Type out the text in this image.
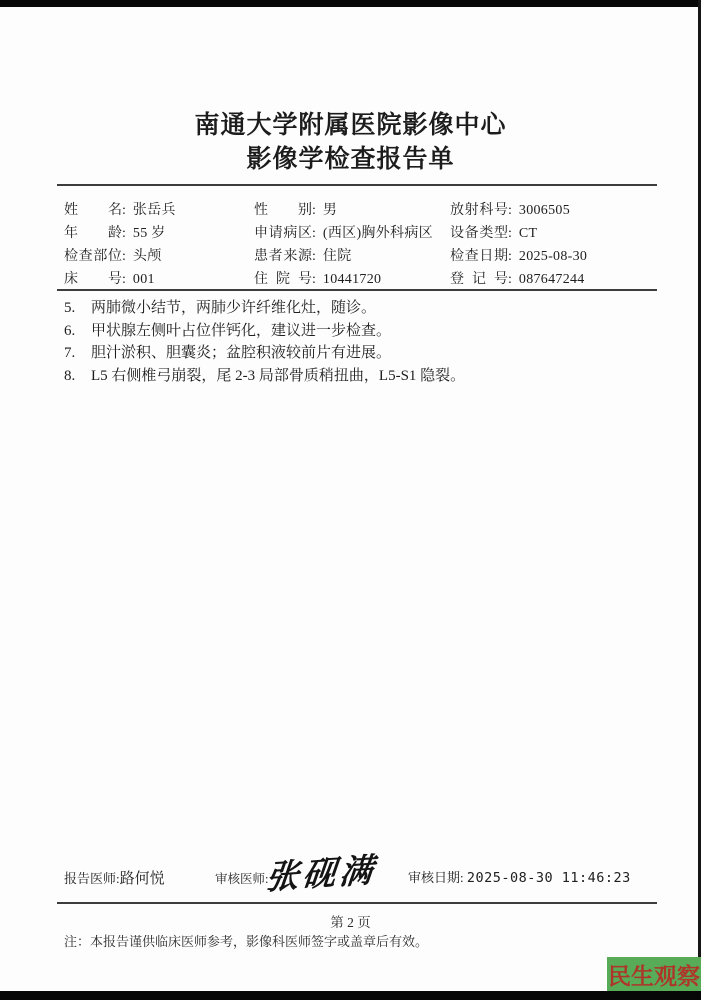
南通大学附属医院影像中心
影像学检查报告单
姓名 : 张岳兵	性别 : 男	放射科号 : 3006505
年龄 : 55 岁	申请病区 : (西区)胸外科病区 设备类型 : CT
检查部位 : 头颅	患者来源 : 住院	检查日期 : 2025-08-30
床号 : 001	住院号 : 10441720	登记号 : 087647244
5.	两肺微小结节，两肺少许纤维化灶，随诊。
6.	甲状腺左侧叶占位伴钙化，建议进一步检查。
7.	胆汁淤积、胆囊炎；盆腔积液较前片有进展。
8.	L5 右侧椎弓崩裂，尾 2-3 局部骨质稍扭曲，L5-S1 隐裂。
报告医师:路何悦	审核医师:
张砚满 审核日期: 2025-08-30 11:46:23
第 2 页
注：本报告谨供临床医师参考，影像科医师签字或盖章后有效。
民生观察
